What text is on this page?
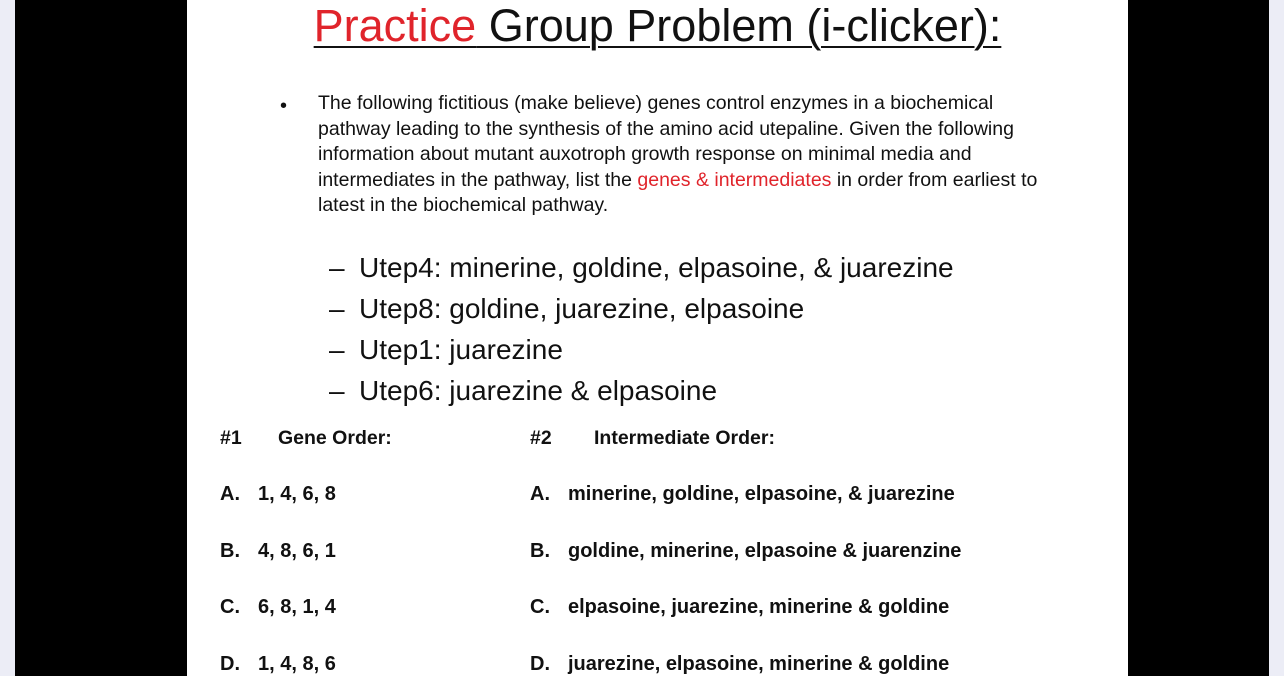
Practice Group Problem (i-clicker):
• The following fictitious (make believe) genes control enzymes in a biochemical pathway leading to the synthesis of the amino acid utepaline. Given the following information about mutant auxotroph growth response on minimal media and intermediates in the pathway, list the genes & intermediates in order from earliest to latest in the biochemical pathway.
– Utep4: minerine, goldine, elpasoine, & juarezine
– Utep8: goldine, juarezine, elpasoine
– Utep1: juarezine
– Utep6: juarezine & elpasoine
#1 Gene Order:	#2 Intermediate Order:
A. 1, 4, 6, 8
B. 4, 8, 6, 1
C. 6, 8, 1, 4
D. 1, 4, 8, 6
A. minerine, goldine, elpasoine, & juarezine
B. goldine, minerine, elpasoine & juarenzine
C. elpasoine, juarezine, minerine & goldine
D. juarezine, elpasoine, minerine & goldine
